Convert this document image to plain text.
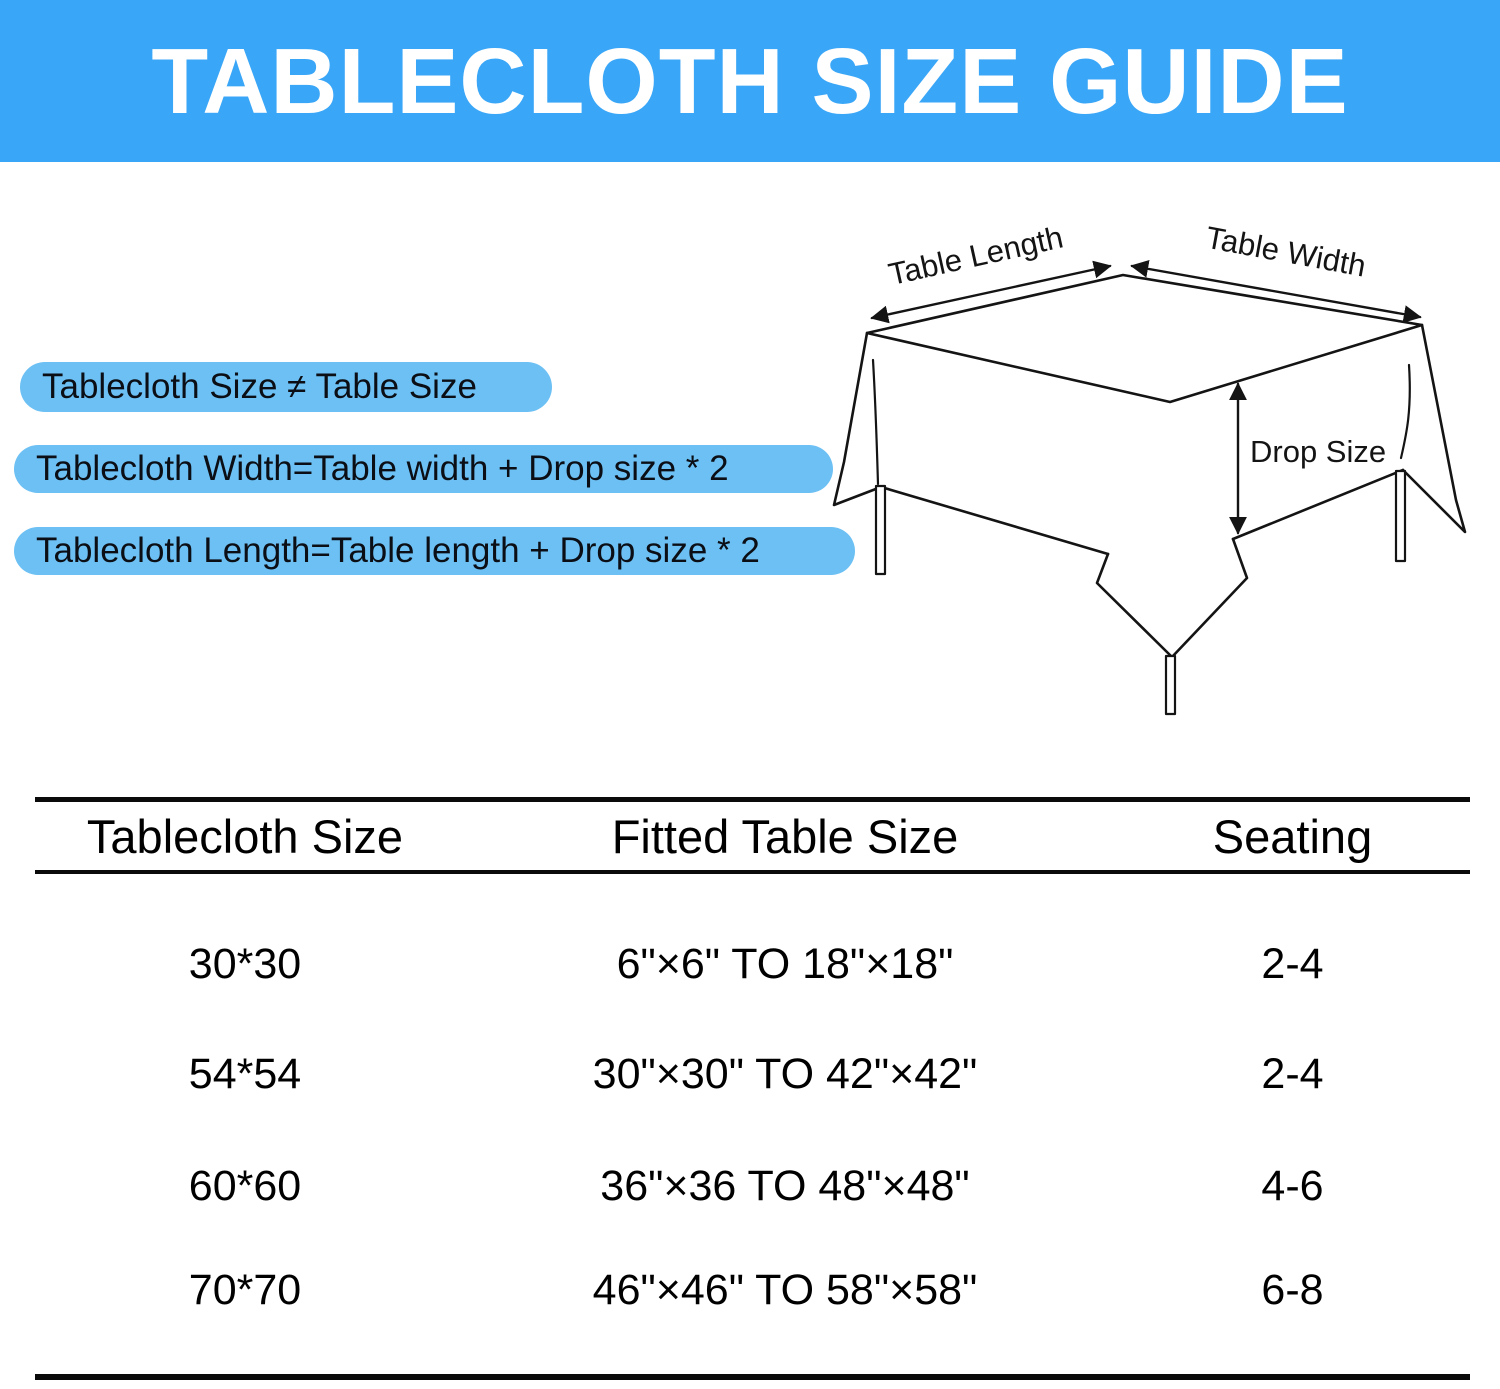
TABLECLOTH SIZE GUIDE
Tablecloth Size ≠ Table Size
Tablecloth Width=Table width + Drop size * 2
Tablecloth Length=Table length + Drop size * 2
Table Length	Table Width
Drop Size
Tablecloth Size	Fitted Table Size	Seating
30*30	6"×6" TO 18"×18"	2-4
54*54	30"×30" TO 42"×42"	2-4
60*60	36"×36 TO 48"×48"	4-6
70*70	46"×46" TO 58"×58"	6-8
